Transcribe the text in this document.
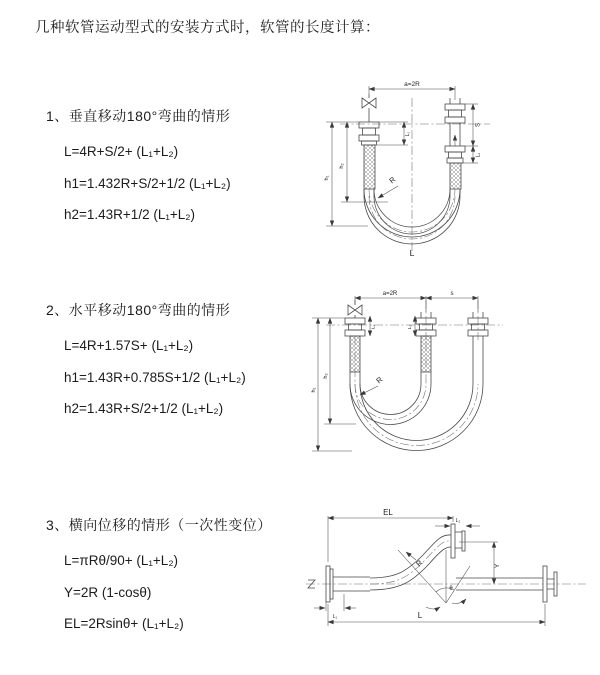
几种软管运动型式的安装方式时，软管的长度计算：
1、垂直移动180°弯曲的情形
L=4R+S/2+ (L₁+L₂)
h1=1.432R+S/2+1/2 (L₁+L₂)
h2=1.43R+1/2 (L₁+L₂)
a=2R
S
L₂
L₁
h₂
h₁	R
L
2、水平移动180°弯曲的情形
L=4R+1.57S+ (L₁+L₂)
h1=1.43R+0.785S+1/2 (L₁+L₂)
h2=1.43R+S/2+1/2 (L₁+L₂)
a=2R	s
L₁	L₂
h₂
h₁
R
3、横向位移的情形（一次性变位）
L=πRθ/90+ (L₁+L₂)
Y=2R (1-cosθ)
EL=2Rsinθ+ (L₁+L₂)
EL
L₂
Y
R
θ
L₁	L
